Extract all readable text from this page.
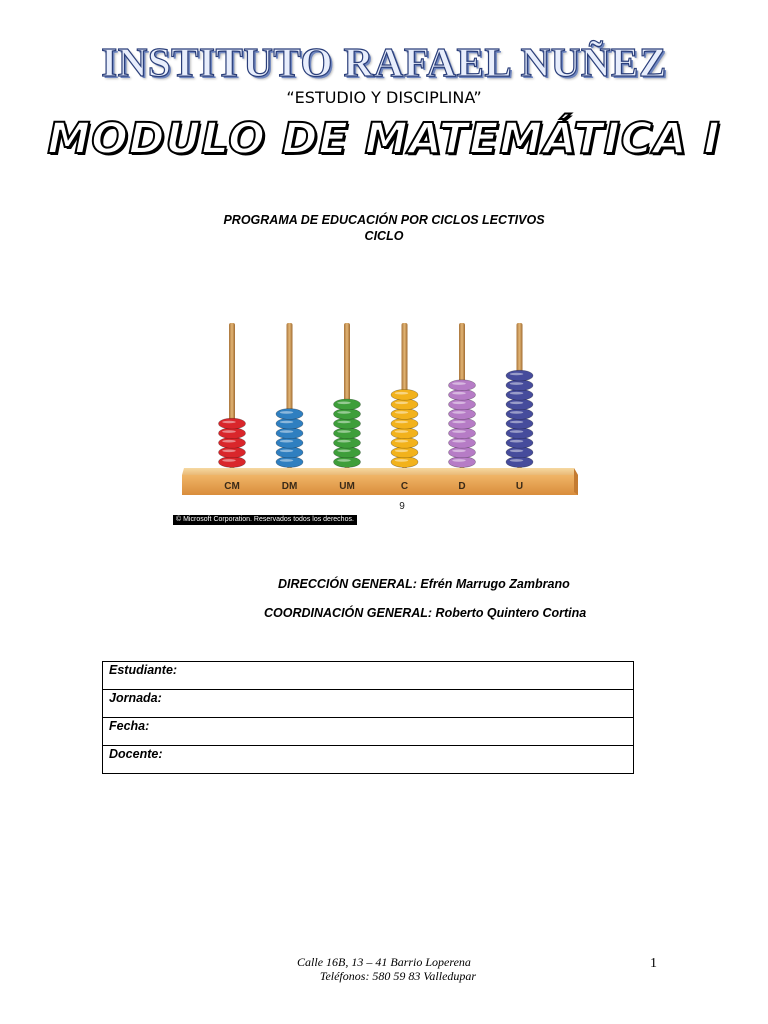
INSTITUTO RAFAEL NUÑEZ
“ESTUDIO Y DISCIPLINA”
MODULO DE MATEMÁTICA I
PROGRAMA DE EDUCACIÓN POR CICLOS LECTIVOS
CICLO
CM	DM	UM	C	D	U
9
© Microsoft Corporation. Reservados todos los derechos.
DIRECCIÓN GENERAL: Efrén Marrugo Zambrano
COORDINACIÓN GENERAL: Roberto Quintero Cortina
Estudiante:
Jornada:
Fecha:
Docente:
Calle 16B, 13 – 41 Barrio Loperena
Teléfonos: 580 59 83 Valledupar
1
